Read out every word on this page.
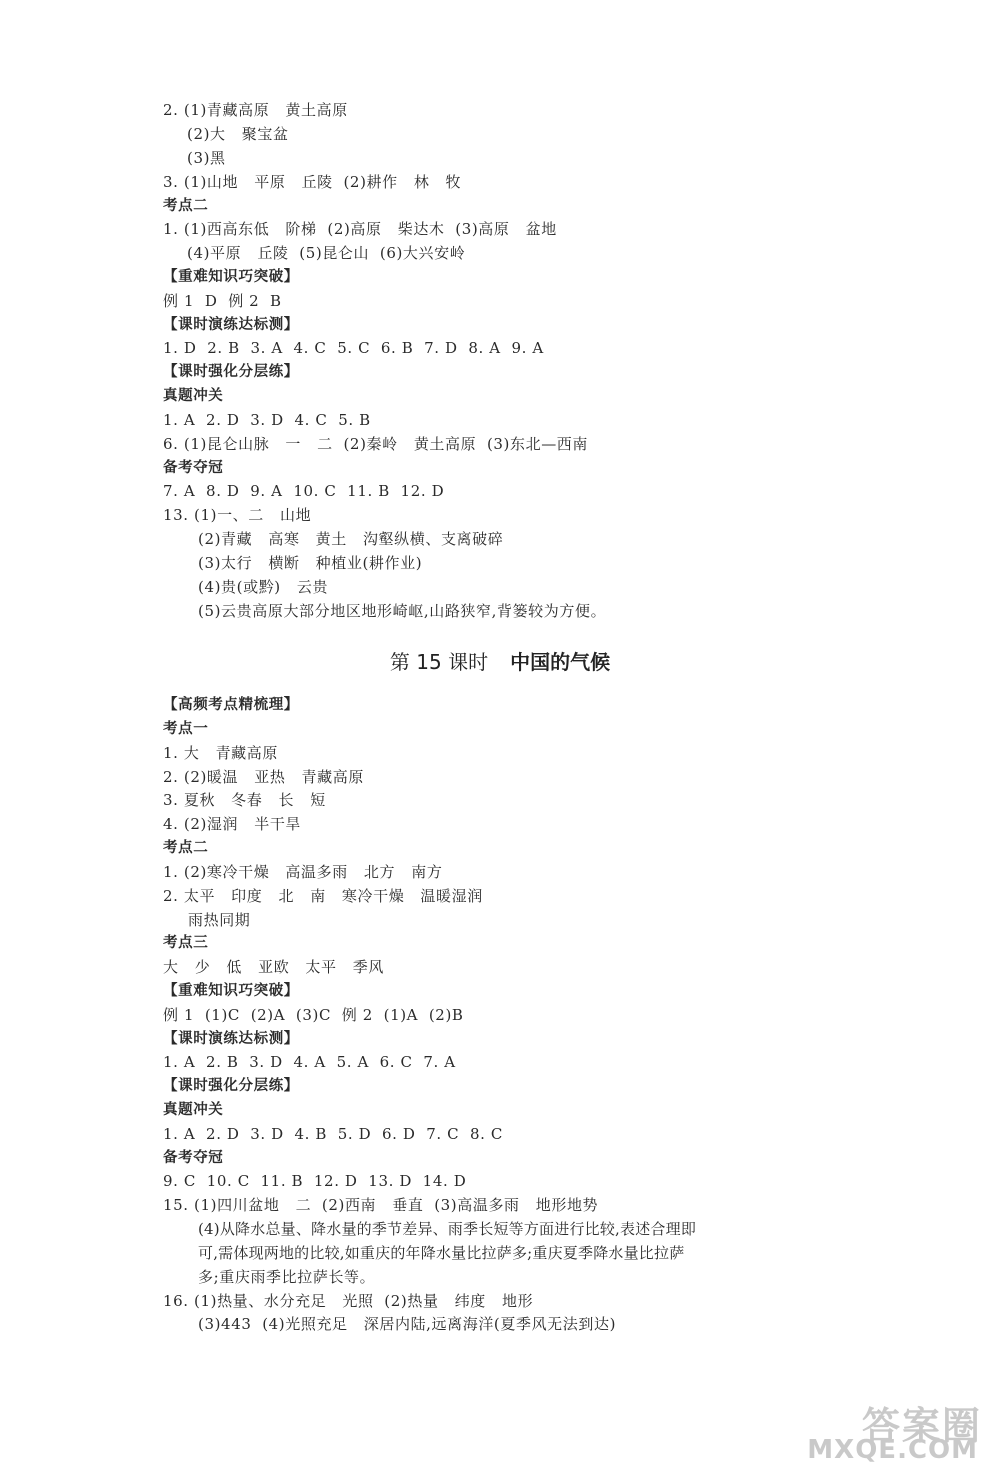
2. (1)青藏高原   黄土高原
(2)大   聚宝盆
(3)黑
3. (1)山地   平原   丘陵  (2)耕作   林   牧
考点二
1. (1)西高东低   阶梯  (2)高原   柴达木  (3)高原   盆地
(4)平原   丘陵  (5)昆仑山  (6)大兴安岭
【重难知识巧突破】
例 1  D  例 2  B
【课时演练达标测】
1. D  2. B  3. A  4. C  5. C  6. B  7. D  8. A  9. A
【课时强化分层练】
真题冲关
1. A  2. D  3. D  4. C  5. B
6. (1)昆仑山脉   一   二  (2)秦岭   黄土高原  (3)东北—西南
备考夺冠
7. A  8. D  9. A  10. C  11. B  12. D
13. (1)一、二   山地
(2)青藏   高寒   黄土   沟壑纵横、支离破碎
(3)太行   横断   种植业(耕作业)
(4)贵(或黔)   云贵
(5)云贵高原大部分地区地形崎岖,山路狭窄,背篓较为方便。
第 15 课时 中国的气候
【高频考点精梳理】
考点一
1. 大   青藏高原
2. (2)暖温   亚热   青藏高原
3. 夏秋   冬春   长   短
4. (2)湿润   半干旱
考点二
1. (2)寒冷干燥   高温多雨   北方   南方
2. 太平   印度   北   南   寒冷干燥   温暖湿润
雨热同期
考点三
大   少   低   亚欧   太平   季风
【重难知识巧突破】
例 1  (1)C  (2)A  (3)C  例 2  (1)A  (2)B
【课时演练达标测】
1. A  2. B  3. D  4. A  5. A  6. C  7. A
【课时强化分层练】
真题冲关
1. A  2. D  3. D  4. B  5. D  6. D  7. C  8. C
备考夺冠
9. C  10. C  11. B  12. D  13. D  14. D
15. (1)四川盆地   二  (2)西南   垂直  (3)高温多雨   地形地势
(4)从降水总量、降水量的季节差异、雨季长短等方面进行比较,表述合理即
可,需体现两地的比较,如重庆的年降水量比拉萨多;重庆夏季降水量比拉萨
多;重庆雨季比拉萨长等。
16. (1)热量、水分充足   光照  (2)热量   纬度   地形
(3)443  (4)光照充足   深居内陆,远离海洋(夏季风无法到达)
答案圈
MXQE.COM
